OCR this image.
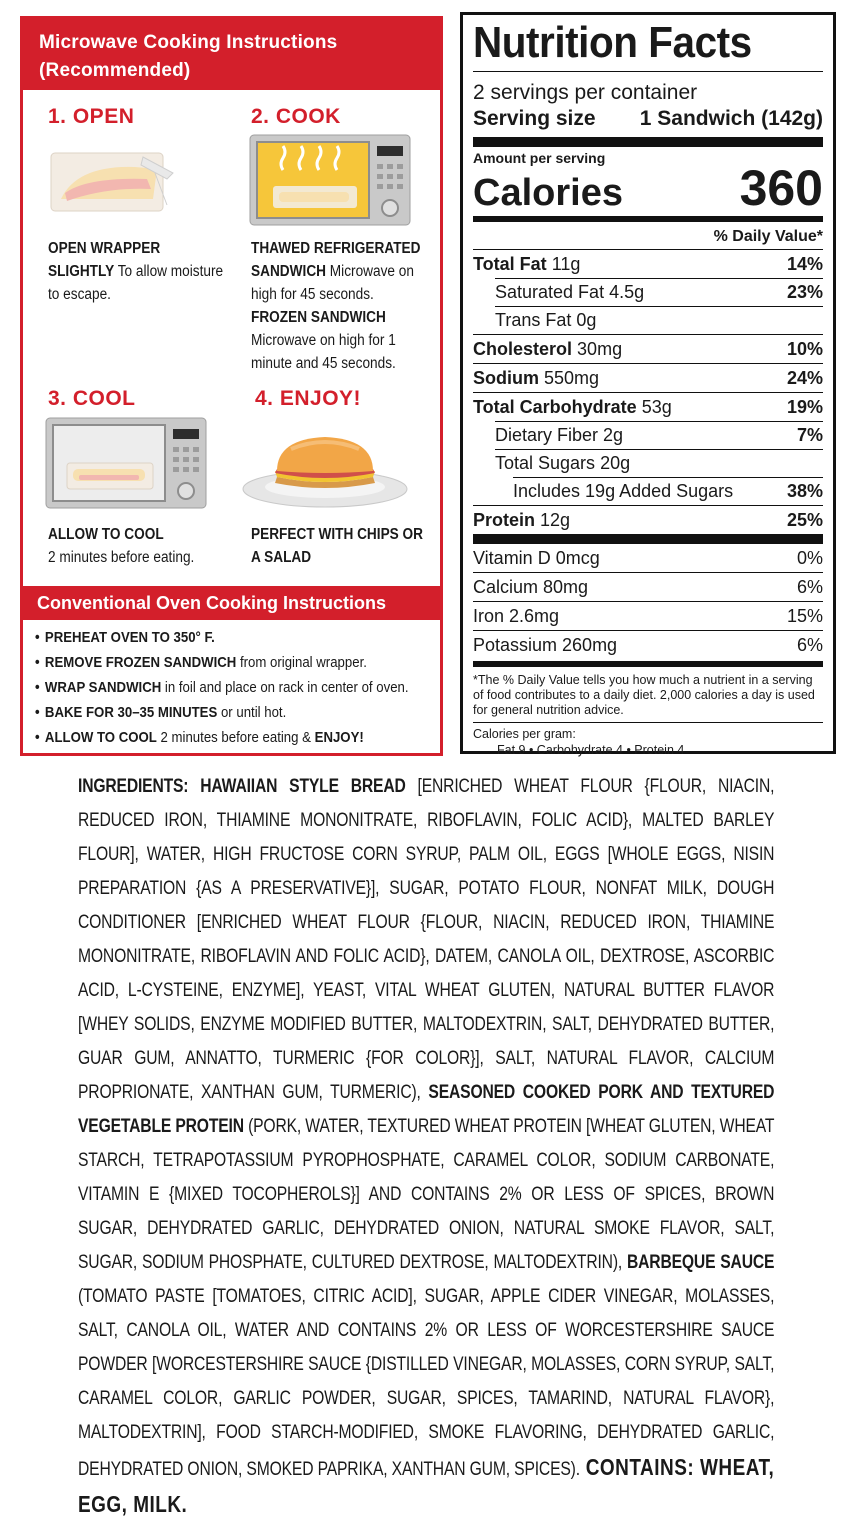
Microwave Cooking Instructions
(Recommended)
1. OPEN
OPEN WRAPPER SLIGHTLY To allow moisture to escape.
2. COOK
THAWED REFRIGERATED SANDWICH Microwave on high for 45 seconds.
FROZEN SANDWICH Microwave on high for 1 minute and 45 seconds.
3. COOL
ALLOW TO COOL
2 minutes before eating.
4. ENJOY!
PERFECT WITH CHIPS OR A SALAD
Conventional Oven Cooking Instructions
• PREHEAT OVEN TO 350° F.
• REMOVE FROZEN SANDWICH from original wrapper.
• WRAP SANDWICH in foil and place on rack in center of oven.
• BAKE FOR 30–35 MINUTES or until hot.
• ALLOW TO COOL 2 minutes before eating & ENJOY!
Nutrition Facts
2 servings per container
Serving size 1 Sandwich (142g)
Amount per serving
Calories 360
% Daily Value*
Total Fat 11g	14%
Saturated Fat 4.5g	23%
Trans Fat 0g
Cholesterol 30mg	10%
Sodium 550mg	24%
Total Carbohydrate 53g	19%
Dietary Fiber 2g	7%
Total Sugars 20g
Includes 19g Added Sugars	38%
Protein 12g	25%
Vitamin D 0mcg	0%
Calcium 80mg	6%
Iron 2.6mg	15%
Potassium 260mg	6%
*The % Daily Value tells you how much a nutrient in a serving of food contributes to a daily diet. 2,000 calories a day is used for general nutrition advice.
Calories per gram:
Fat 9 • Carbohydrate 4 • Protein 4
INGREDIENTS: HAWAIIAN STYLE BREAD [ENRICHED WHEAT FLOUR {FLOUR, NIACIN, REDUCED IRON, THIAMINE MONONITRATE, RIBOFLAVIN, FOLIC ACID}, MALTED BARLEY FLOUR], WATER, HIGH FRUCTOSE CORN SYRUP, PALM OIL, EGGS [WHOLE EGGS, NISIN PREPARATION {AS A PRESERVATIVE}], SUGAR, POTATO FLOUR, NONFAT MILK, DOUGH CONDITIONER [ENRICHED WHEAT FLOUR {FLOUR, NIACIN, REDUCED IRON, THIAMINE MONONITRATE, RIBOFLAVIN AND FOLIC ACID}, DATEM, CANOLA OIL, DEXTROSE, ASCORBIC ACID, L-CYSTEINE, ENZYME], YEAST, VITAL WHEAT GLUTEN, NATURAL BUTTER FLAVOR [WHEY SOLIDS, ENZYME MODIFIED BUTTER, MALTODEXTRIN, SALT, DEHYDRATED BUTTER, GUAR GUM, ANNATTO, TURMERIC {FOR COLOR}], SALT, NATURAL FLAVOR, CALCIUM PROPRIONATE, XANTHAN GUM, TURMERIC), SEASONED COOKED PORK AND TEXTURED VEGETABLE PROTEIN (PORK, WATER, TEXTURED WHEAT PROTEIN [WHEAT GLUTEN, WHEAT STARCH, TETRAPOTASSIUM PYROPHOSPHATE, CARAMEL COLOR, SODIUM CARBONATE, VITAMIN E {MIXED TOCOPHEROLS}] AND CONTAINS 2% OR LESS OF SPICES, BROWN SUGAR, DEHYDRATED GARLIC, DEHYDRATED ONION, NATURAL SMOKE FLAVOR, SALT, SUGAR, SODIUM PHOSPHATE, CULTURED DEXTROSE, MALTODEXTRIN), BARBEQUE SAUCE (TOMATO PASTE [TOMATOES, CITRIC ACID], SUGAR, APPLE CIDER VINEGAR, MOLASSES, SALT, CANOLA OIL, WATER AND CONTAINS 2% OR LESS OF WORCESTERSHIRE SAUCE POWDER [WORCESTERSHIRE SAUCE {DISTILLED VINEGAR, MOLASSES, CORN SYRUP, SALT, CARAMEL COLOR, GARLIC POWDER, SUGAR, SPICES, TAMARIND, NATURAL FLAVOR}, MALTODEXTRIN], FOOD STARCH-MODIFIED, SMOKE FLAVORING, DEHYDRATED GARLIC, DEHYDRATED ONION, SMOKED PAPRIKA, XANTHAN GUM, SPICES). CONTAINS: WHEAT, EGG, MILK.
